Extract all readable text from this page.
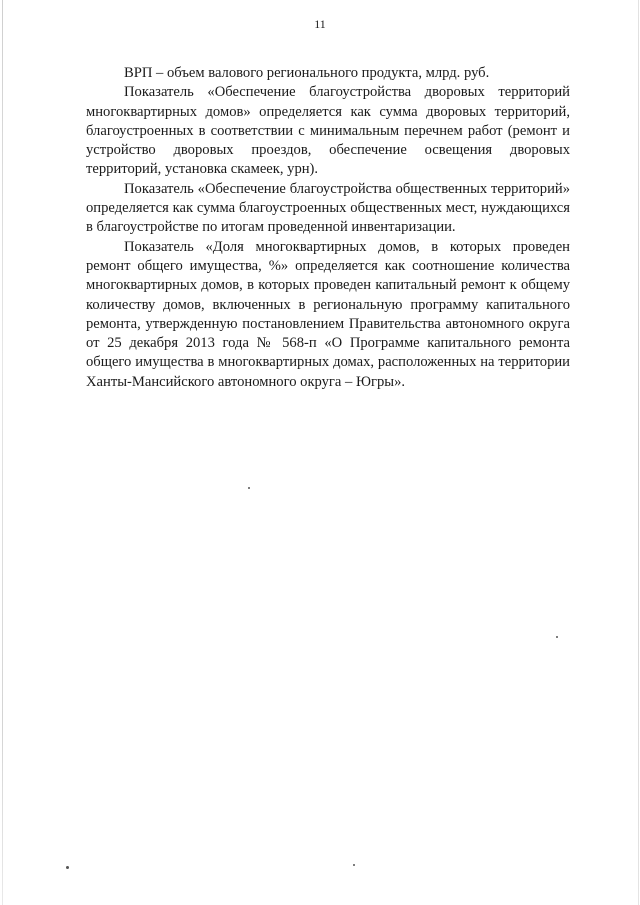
11

ВРП – объем валового регионального продукта, млрд. руб.

Показатель «Обеспечение благоустройства дворовых территорий многоквартирных домов» определяется как сумма дворовых территорий, благоустроенных в соответствии с минимальным перечнем работ (ремонт и устройство дворовых проездов, обеспечение освещения дворовых территорий, установка скамеек, урн).

Показатель «Обеспечение благоустройства общественных территорий» определяется как сумма благоустроенных общественных мест, нуждающихся в благоустройстве по итогам проведенной инвентаризации.

Показатель «Доля многоквартирных домов, в которых проведен ремонт общего имущества, %» определяется как соотношение количества многоквартирных домов, в которых проведен капитальный ремонт к общему количеству домов, включенных в региональную программу капитального ремонта, утвержденную постановлением Правительства автономного округа от 25 декабря 2013 года № 568-п «О Программе капитального ремонта общего имущества в многоквартирных домах, расположенных на территории Ханты-Мансийского автономного округа – Югры».
